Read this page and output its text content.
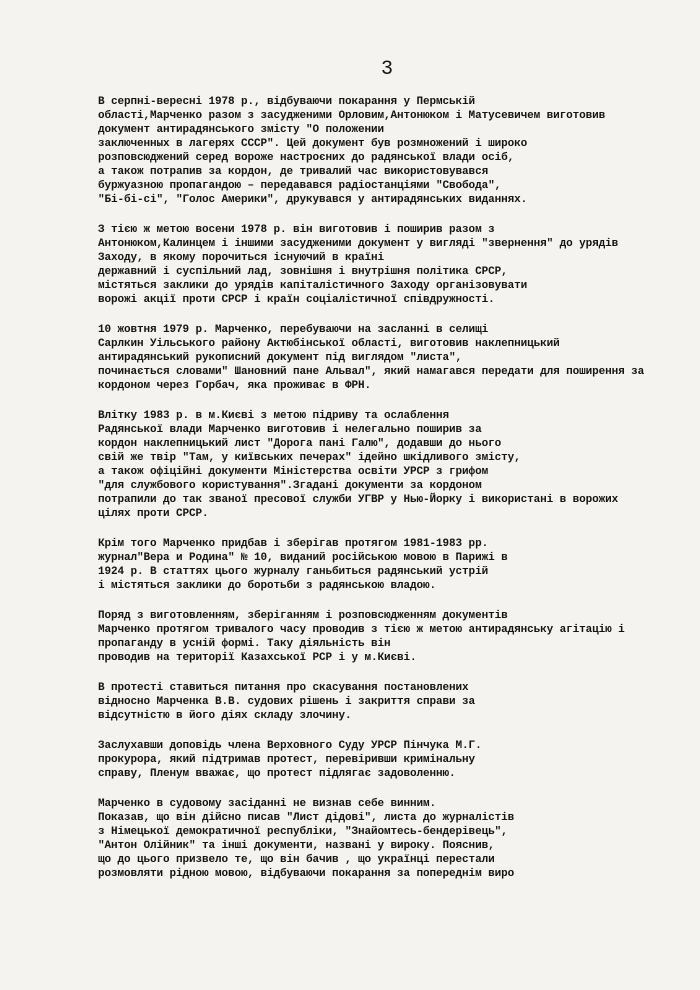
3

В серпні-вересні 1978 р., відбуваючи покарання у Пермській
області,Марченко разом з засудженими Орловим,Антонюком і Матусевичем виготовив документ антирадянського змісту "О положении
заключенных в лагерях СССР". Цей документ був розмножений і широко
розповсюджений серед вороже настроєних до радянської влади осіб,
а також потрапив за кордон, де тривалий час використовувався
буржуазною пропагандою – передавався радіостанціями "Свобода",
"Бі-бі-сі", "Голос Америки", друкувався у антирадянських виданнях.

З тією ж метою восени 1978 р. він виготовив і поширив разом з
Антонюком,Калинцем і іншими засудженими документ у вигляді "звернення" до урядів Заходу, в якому порочиться існуючий в країні
державний і суспільний лад, зовнішня і внутрішня політика СРСР,
містяться заклики до урядів капіталістичного Заходу організовувати
ворожі акції проти СРСР і країн соціалістичної співдружності.

10 жовтня 1979 р. Марченко, перебуваючи на засланні в селищі
Сарлкин Уільського району Актюбінської області, виготовив наклепницький антирадянський рукописний документ під виглядом "листа",
починається словами" Шановний пане Альвал", який намагався передати для поширення за кордоном через Горбач, яка проживає в ФРН.

Влітку 1983 р. в м.Києві з метою підриву та ослаблення
Радянської влади Марченко виготовив і нелегально поширив за
кордон наклепницький лист "Дорога пані Галю", додавши до нього
свій же твір "Там, у київських печерах" ідейно шкідливого змісту,
а також офіційні документи Міністерства освіти УРСР з грифом
"для службового користування".Згадані документи за кордоном
потрапили до так званої пресової служби УГВР у Нью-Йорку і використані в ворожих цілях проти СРСР.

Крім того Марченко придбав і зберігав протягом 1981-1983 рр.
журнал"Вера и Родина" № 10, виданий російською мовою в Парижі в
1924 р. В статтях цього журналу ганьбиться радянський устрій
і містяться заклики до боротьби з радянською владою.

Поряд з виготовленням, зберіганням і розповсюдженням документів
Марченко протягом тривалого часу проводив з тією ж метою антирадянську агітацію і пропаганду в усній формі. Таку діяльність він
проводив на території Казахської РСР і у м.Києві.

В протесті ставиться питання про скасування постановлених
відносно Марченка В.В. судових рішень і закриття справи за
відсутністю в його діях складу злочину.

Заслухавши доповідь члена Верховного Суду УРСР Пінчука М.Г.
прокурора, який підтримав протест, перевіривши кримінальну
справу, Пленум вважає, що протест підлягає задоволенню.

Марченко в судовому засіданні не визнав себе винним.
Показав, що він дійсно писав "Лист дідові", листа до журналістів
з Німецької демократичної республіки, "Знайомтесь-бендерівець",
"Антон Олійник" та інші документи, названі у вироку. Пояснив,
що до цього призвело те, що він бачив , що українці перестали
розмовляти рідною мовою, відбуваючи покарання за попереднім виро
